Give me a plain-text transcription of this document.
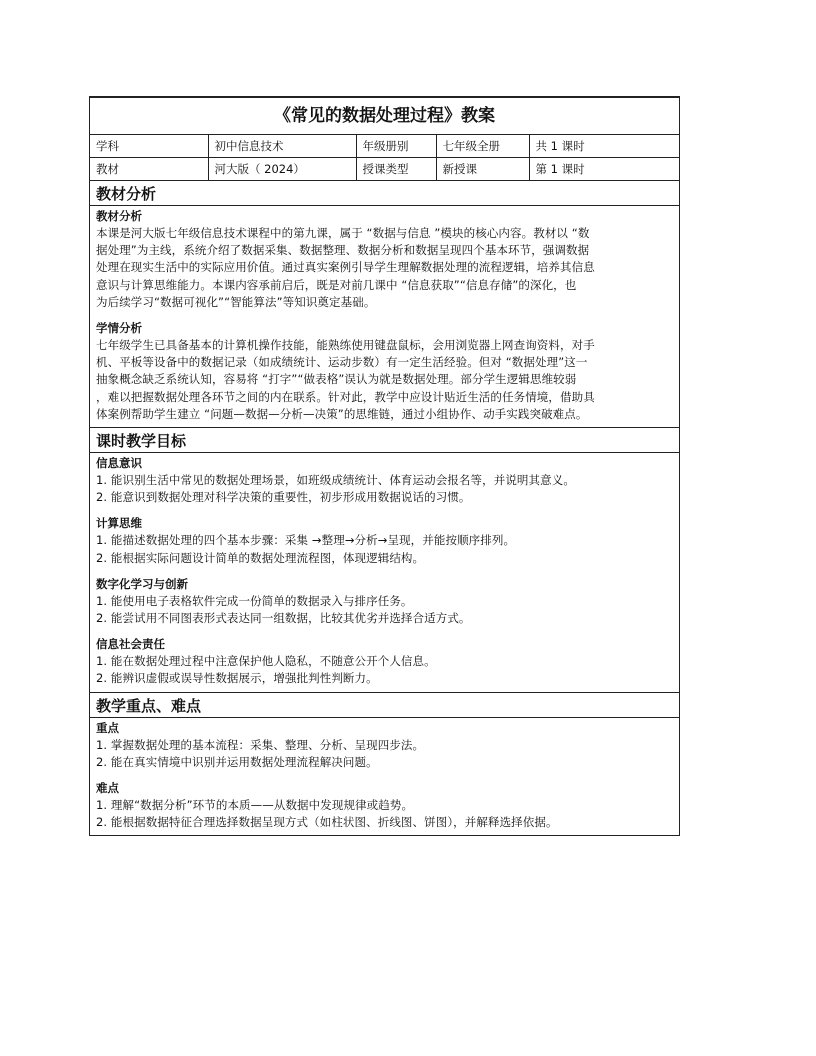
《常见的数据处理过程》教案
学科	初中信息技术	年级册别	七年级全册	共 1 课时
教材	河大版（ 2024）	授课类型	新授课	第 1 课时
教材分析
教材分析
本课是河大版七年级信息技术课程中的第九课，属于 “数据与信息 ”模块的核心内容。教材以 “数
据处理”为主线，系统介绍了数据采集、数据整理、数据分析和数据呈现四个基本环节，强调数据
处理在现实生活中的实际应用价值。通过真实案例引导学生理解数据处理的流程逻辑，培养其信息
意识与计算思维能力。本课内容承前启后，既是对前几课中 “信息获取”“信息存储”的深化，也
为后续学习“数据可视化”“智能算法”等知识奠定基础。
学情分析
七年级学生已具备基本的计算机操作技能，能熟练使用键盘鼠标，会用浏览器上网查询资料，对手
机、平板等设备中的数据记录（如成绩统计、运动步数）有一定生活经验。但对 “数据处理”这一
抽象概念缺乏系统认知，容易将 “打字”“做表格”误认为就是数据处理。部分学生逻辑思维较弱
，难以把握数据处理各环节之间的内在联系。针对此，教学中应设计贴近生活的任务情境，借助具
体案例帮助学生建立 “问题—数据—分析—决策”的思维链，通过小组协作、动手实践突破难点。
课时教学目标
信息意识
1. 能识别生活中常见的数据处理场景，如班级成绩统计、体育运动会报名等，并说明其意义。
2. 能意识到数据处理对科学决策的重要性，初步形成用数据说话的习惯。
计算思维
1. 能描述数据处理的四个基本步骤：采集 →整理→分析→呈现，并能按顺序排列。
2. 能根据实际问题设计简单的数据处理流程图，体现逻辑结构。
数字化学习与创新
1. 能使用电子表格软件完成一份简单的数据录入与排序任务。
2. 能尝试用不同图表形式表达同一组数据，比较其优劣并选择合适方式。
信息社会责任
1. 能在数据处理过程中注意保护他人隐私，不随意公开个人信息。
2. 能辨识虚假或误导性数据展示，增强批判性判断力。
教学重点、难点
重点
1. 掌握数据处理的基本流程：采集、整理、分析、呈现四步法。
2. 能在真实情境中识别并运用数据处理流程解决问题。
难点
1. 理解“数据分析”环节的本质——从数据中发现规律或趋势。
2. 能根据数据特征合理选择数据呈现方式（如柱状图、折线图、饼图），并解释选择依据。
